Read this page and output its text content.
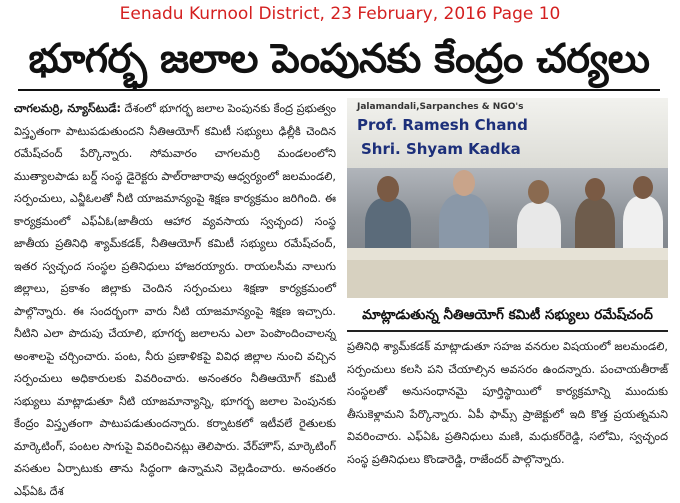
Eenadu Kurnool District, 23 February, 2016 Page 10
భూగర్భ జలాల పెంపునకు కేంద్రం చర్యలు
చాగలమర్రి, న్యూస్‌టుడే: దేశంలో భూగర్భ జలాల పెంపునకు కేంద్ర ప్రభుత్వం విస్తృతంగా పాటుపడుతుందని నీతిఆయోగ్ కమిటీ సభ్యులు ఢిల్లీకి చెందిన రమేష్‌చంద్ పేర్కొన్నారు. సోమవారం చాగలమర్రి మండలంలోని ముత్యాలపాడు బర్డ్ సంస్థ డైరెక్టరు పాల్‌రాజారావు ఆధ్వర్యంలో జలమండలి, సర్పంచులు, ఎన్జీఓలతో నీటి యాజమాన్యంపై శిక్షణ కార్యక్రమం జరిగింది. ఈ కార్యక్రమంలో ఎఫ్ఏఓ(జాతీయ ఆహార వ్యవసాయ స్వచ్ఛంద) సంస్థ జాతీయ ప్రతినిధి శ్యామ్‌కడక్, నీతిఆయోగ్ కమిటీ సభ్యులు రమేష్‌చంద్, ఇతర స్వచ్ఛంద సంస్థల ప్రతినిధులు హాజరయ్యారు. రాయలసీమ నాలుగు జిల్లాలు, ప్రకాశం జిల్లాకు చెందిన సర్పంచులు శిక్షణా కార్యక్రమంలో పాల్గొన్నారు. ఈ సందర్భంగా వారు నీటి యాజమాన్యంపై శిక్షణ ఇచ్చారు. నీటిని ఎలా పొదుపు చేయాలి, భూగర్భ జలాలను ఎలా పెంపొందించాలన్న అంశాలపై చర్చించారు. పంట, నీరు ప్రణాళికపై వివిధ జిల్లాల నుంచి వచ్చిన సర్పంచులు అధికారులకు వివరించారు. అనంతరం నీతిఆయోగ్ కమిటీ సభ్యులు మాట్లాడుతూ నీటి యాజమాన్యాన్ని, భూగర్భ జలాల పెంపునకు కేంద్రం విస్తృతంగా పాటుపడుతుందన్నారు. కర్నాటకలో ఇటీవలే రైతులకు మార్కెటింగ్, పంటల సాగుపై వివరించినట్లు తెలిపారు. వేర్‌హౌస్, మార్కెటింగ్ వసతుల ఏర్పాటుకు తాను సిద్ధంగా ఉన్నామని వెల్లడించారు. అనంతరం ఎఫ్ఏఓ దేశ
Jalamandali,Sarpanches & NGO's
Prof. Ramesh Chand
Shri. Shyam Kadka
మాట్లాడుతున్న నీతిఆయోగ్ కమిటీ సభ్యులు రమేష్‌చంద్
ప్రతినిధి శ్యామ్‌కడక్ మాట్లాడుతూ సహజ వనరుల విషయంలో జలమండలి, సర్పంచులు కలసి పని చేయాల్సిన అవసరం ఉందన్నారు. పంచాయతీరాజ్ సంస్థలతో అనుసంధానమై పూర్తిస్థాయిలో కార్యక్రమాన్ని ముందుకు తీసుకెళ్లామని పేర్కొన్నారు. ఏపీ ఫామ్స్ ప్రాజెక్టులో ఇది కొత్త ప్రయత్నమని వివరించారు. ఎఫ్ఏఓ ప్రతినిధులు మణి, మధుకర్‌రెడ్డి, సలోమి, స్వచ్ఛంద సంస్థ ప్రతినిధులు కొండారెడ్డి, రాజేందర్ పాల్గొన్నారు.
